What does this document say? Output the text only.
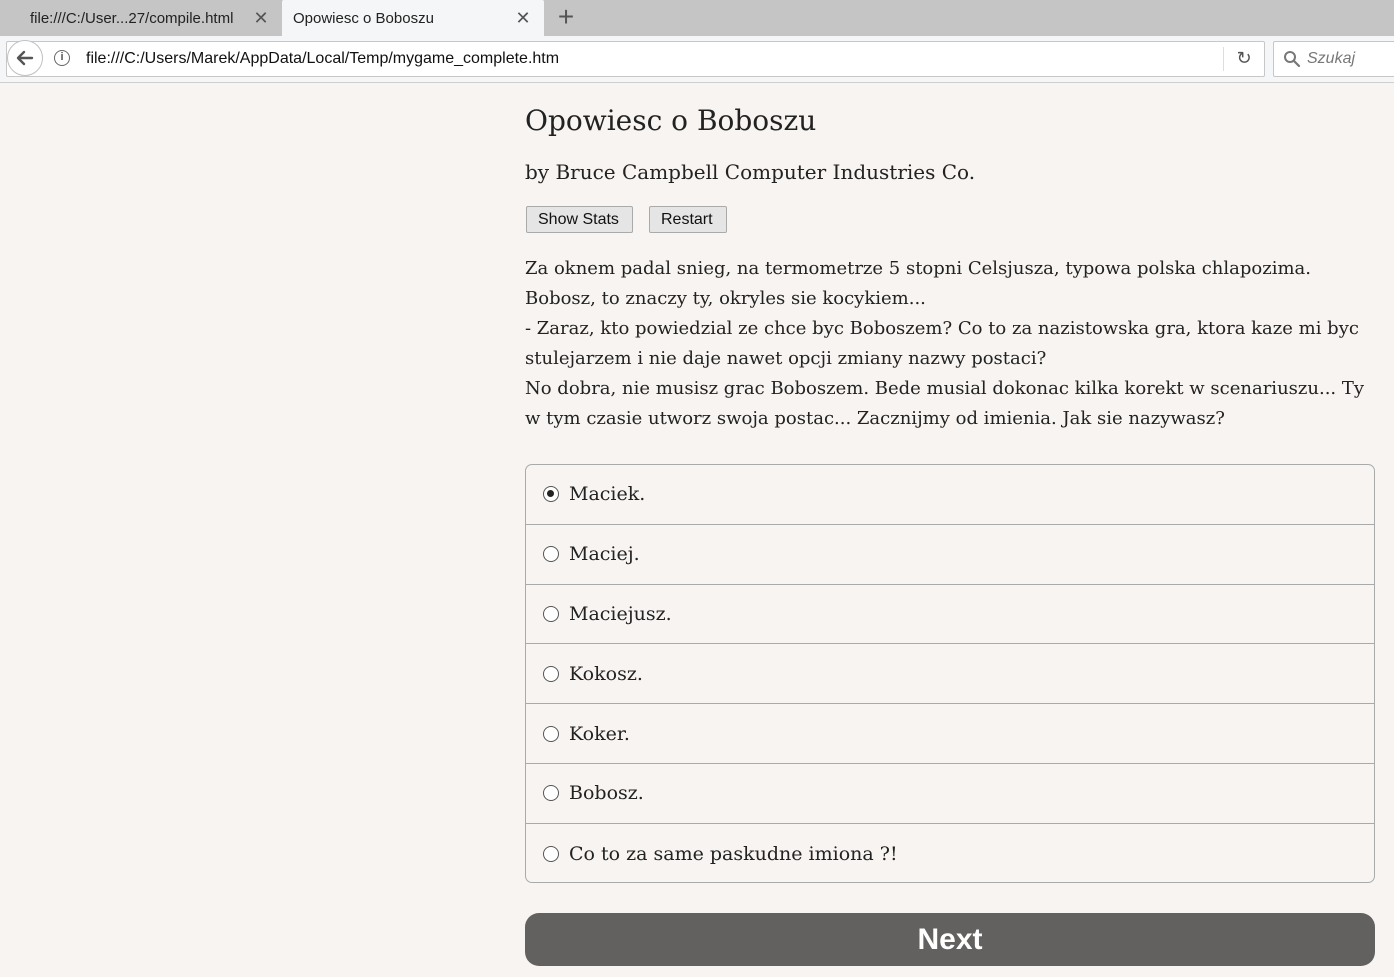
file:///C:/User...27/compile.html ✕ Opowiesc o Boboszu	✕ +
i	file:///C:/Users/Marek/AppData/Local/Temp/mygame_complete.htm	↻	Szukaj
Opowiesc o Boboszu
by Bruce Campbell Computer Industries Co.
Show Stats	Restart

Za oknem padal snieg, na termometrze 5 stopni Celsjusza, typowa polska chlapozima. Bobosz, to znaczy ty, okryles sie kocykiem...

- Zaraz, kto powiedzial ze chce byc Boboszem? Co to za nazistowska gra, ktora kaze mi byc stulejarzem i nie daje nawet opcji zmiany nazwy postaci?

No dobra, nie musisz grac Boboszem. Bede musial dokonac kilka korekt w scenariuszu... Ty w tym czasie utworz swoja postac... Zacznijmy od imienia. Jak sie nazywasz?

Maciek.
Maciej.
Maciejusz.
Kokosz.
Koker.
Bobosz.
Co to za same paskudne imiona ?!
Next
